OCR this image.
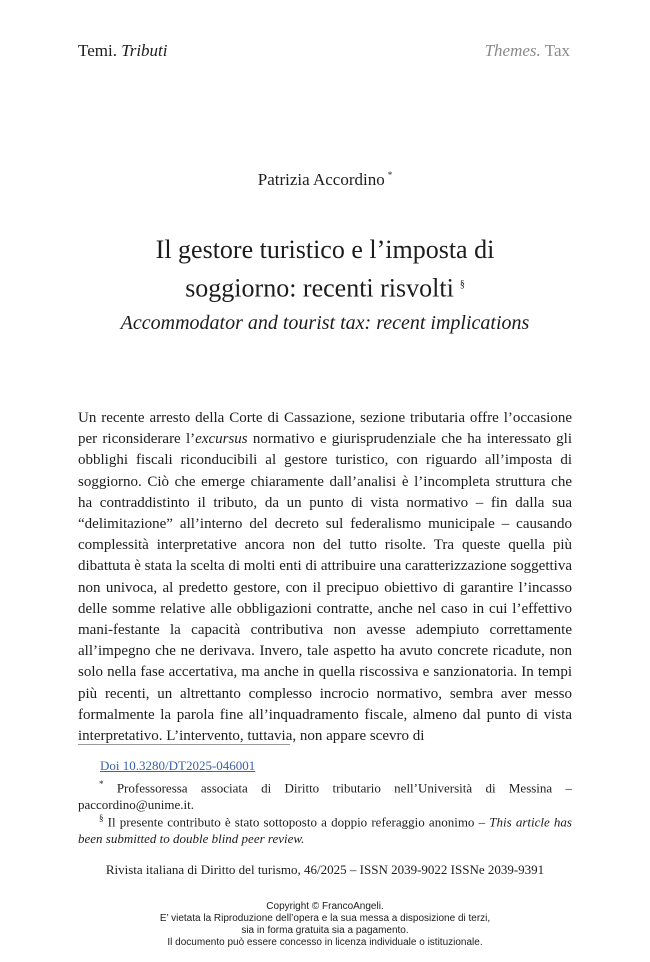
Temi. Tributi	Themes. Tax
Patrizia Accordino *
Il gestore turistico e l’imposta di
soggiorno: recenti risvolti §
Accommodator and tourist tax: recent implications
Un recente arresto della Corte di Cassazione, sezione tributaria offre l’occasione per riconsiderare l’excursus normativo e giurisprudenziale che ha interessato gli obblighi fiscali riconducibili al gestore turistico, con riguardo all’imposta di soggiorno. Ciò che emerge chiaramente dall’analisi è l’incompleta struttura che ha contraddistinto il tributo, da un punto di vista normativo – fin dalla sua “delimitazione” all’interno del decreto sul federalismo municipale – causando complessità interpretative ancora non del tutto risolte. Tra queste quella più dibattuta è stata la scelta di molti enti di attribuire una caratterizzazione soggettiva non univoca, al predetto gestore, con il precipuo obiettivo di garantire l’incasso delle somme relative alle obbligazioni contratte, anche nel caso in cui l’effettivo mani-festante la capacità contributiva non avesse adempiuto correttamente all’impegno che ne derivava. Invero, tale aspetto ha avuto concrete ricadute, non solo nella fase accertativa, ma anche in quella riscossiva e sanzionatoria. In tempi più recenti, un altrettanto complesso incrocio normativo, sembra aver messo formalmente la parola fine all’inquadramento fiscale, almeno dal punto di vista interpretativo. L’intervento, tuttavia, non appare scevro di
Doi 10.3280/DT2025-046001
* Professoressa associata di Diritto tributario nell’Università di Messina – paccordino@unime.it.
§ Il presente contributo è stato sottoposto a doppio referaggio anonimo – This article has been submitted to double blind peer review.
Rivista italiana di Diritto del turismo, 46/2025 – ISSN 2039-9022 ISSNe 2039-9391
Copyright © FrancoAngeli.
E’ vietata la Riproduzione dell’opera e la sua messa a disposizione di terzi,
sia in forma gratuita sia a pagamento.
Il documento può essere concesso in licenza individuale o istituzionale.
